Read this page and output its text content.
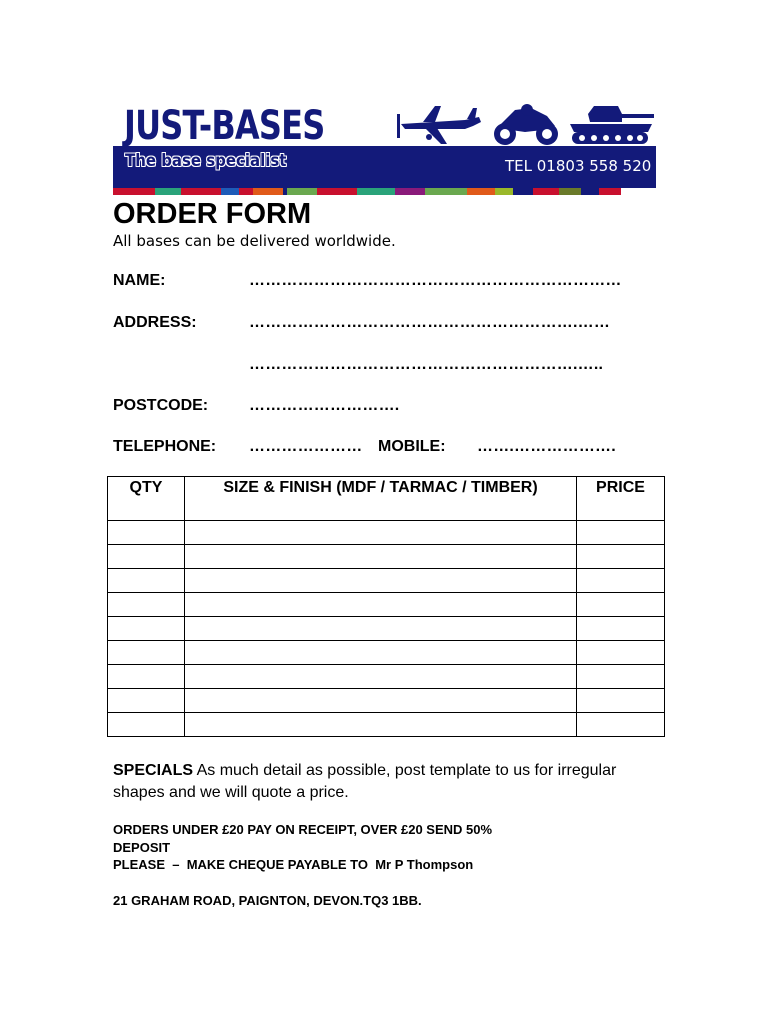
JUST-BASES
The base specialist	TEL 01803 558 520
ORDER FORM
All bases can be delivered worldwide.
NAME:	……………………………………………………………
ADDRESS:	…………………………………………………….……
…………………………………………………….…..
POSTCODE:	……………………….
TELEPHONE: ………………… MOBILE: …….……………….
QTY	SIZE & FINISH (MDF / TARMAC / TIMBER)	PRICE

SPECIALS As much detail as possible, post template to us for irregular shapes and we will quote a price.
ORDERS UNDER £20 PAY ON RECEIPT, OVER £20 SEND 50%
DEPOSIT
PLEASE  –  MAKE CHEQUE PAYABLE TO  Mr P Thompson
21 GRAHAM ROAD, PAIGNTON, DEVON.TQ3 1BB.
